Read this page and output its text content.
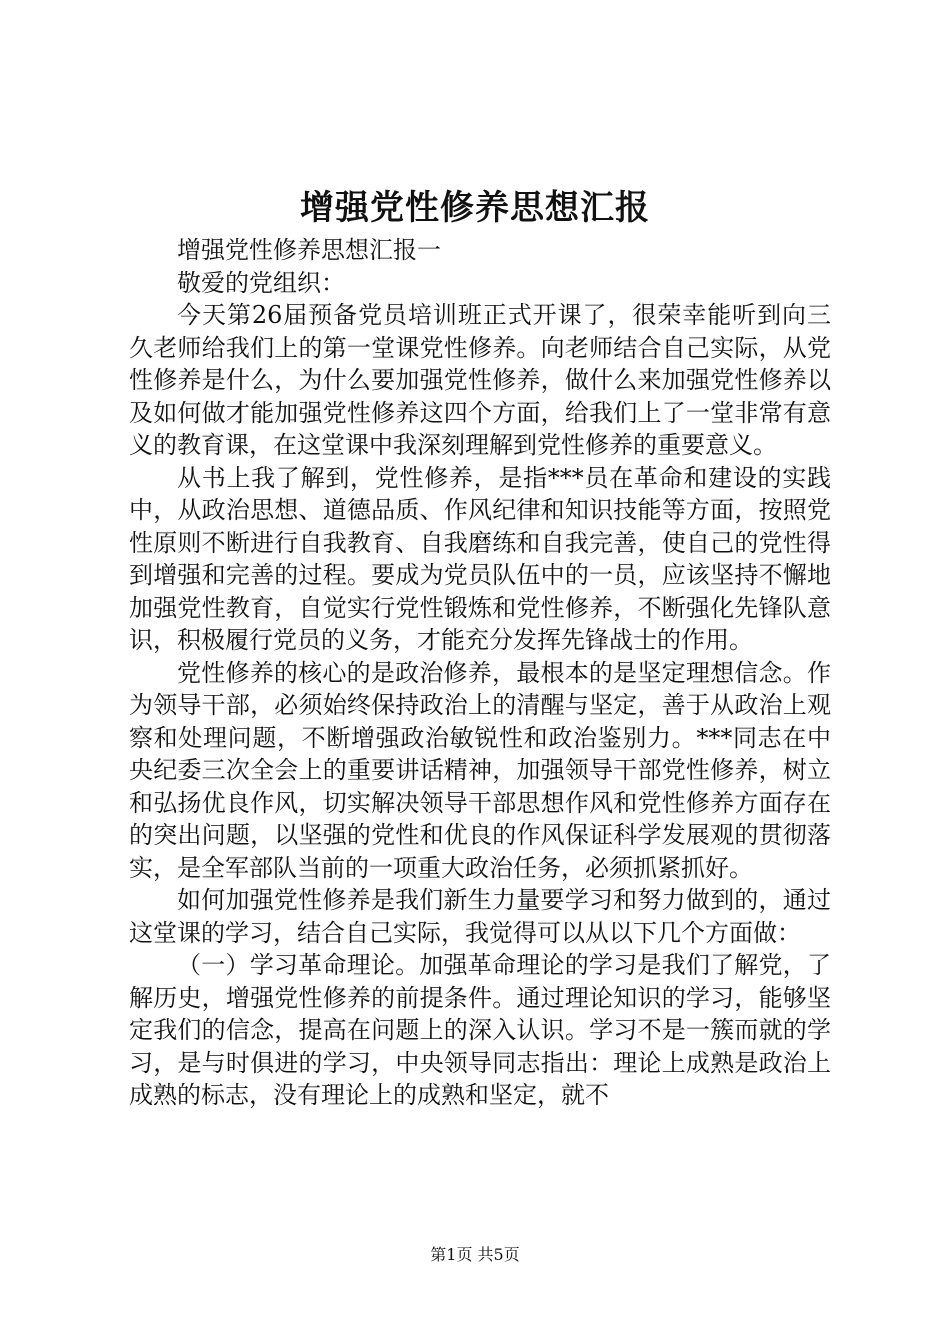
增强党性修养思想汇报

增强党性修养思想汇报一

敬爱的党组织：

今天第26届预备党员培训班正式开课了，很荣幸能听到向三久老师给我们上的第一堂课党性修养。向老师结合自己实际，从党性修养是什么，为什么要加强党性修养，做什么来加强党性修养以及如何做才能加强党性修养这四个方面，给我们上了一堂非常有意义的教育课，在这堂课中我深刻理解到党性修养的重要意义。

从书上我了解到，党性修养，是指***员在革命和建设的实践中，从政治思想、道德品质、作风纪律和知识技能等方面，按照党性原则不断进行自我教育、自我磨练和自我完善，使自己的党性得到增强和完善的过程。要成为党员队伍中的一员，应该坚持不懈地加强党性教育，自觉实行党性锻炼和党性修养，不断强化先锋队意识，积极履行党员的义务，才能充分发挥先锋战士的作用。

党性修养的核心的是政治修养，最根本的是坚定理想信念。作为领导干部，必须始终保持政治上的清醒与坚定，善于从政治上观察和处理问题，不断增强政治敏锐性和政治鉴别力。***同志在中央纪委三次全会上的重要讲话精神，加强领导干部党性修养，树立和弘扬优良作风，切实解决领导干部思想作风和党性修养方面存在的突出问题，以坚强的党性和优良的作风保证科学发展观的贯彻落实，是全军部队当前的一项重大政治任务，必须抓紧抓好。

如何加强党性修养是我们新生力量要学习和努力做到的，通过这堂课的学习，结合自己实际，我觉得可以从以下几个方面做：

（一）学习革命理论。加强革命理论的学习是我们了解党，了解历史，增强党性修养的前提条件。通过理论知识的学习，能够坚定我们的信念，提高在问题上的深入认识。学习不是一簇而就的学习，是与时俱进的学习，中央领导同志指出：理论上成熟是政治上成熟的标志，没有理论上的成熟和坚定，就不

第1页 共5页
